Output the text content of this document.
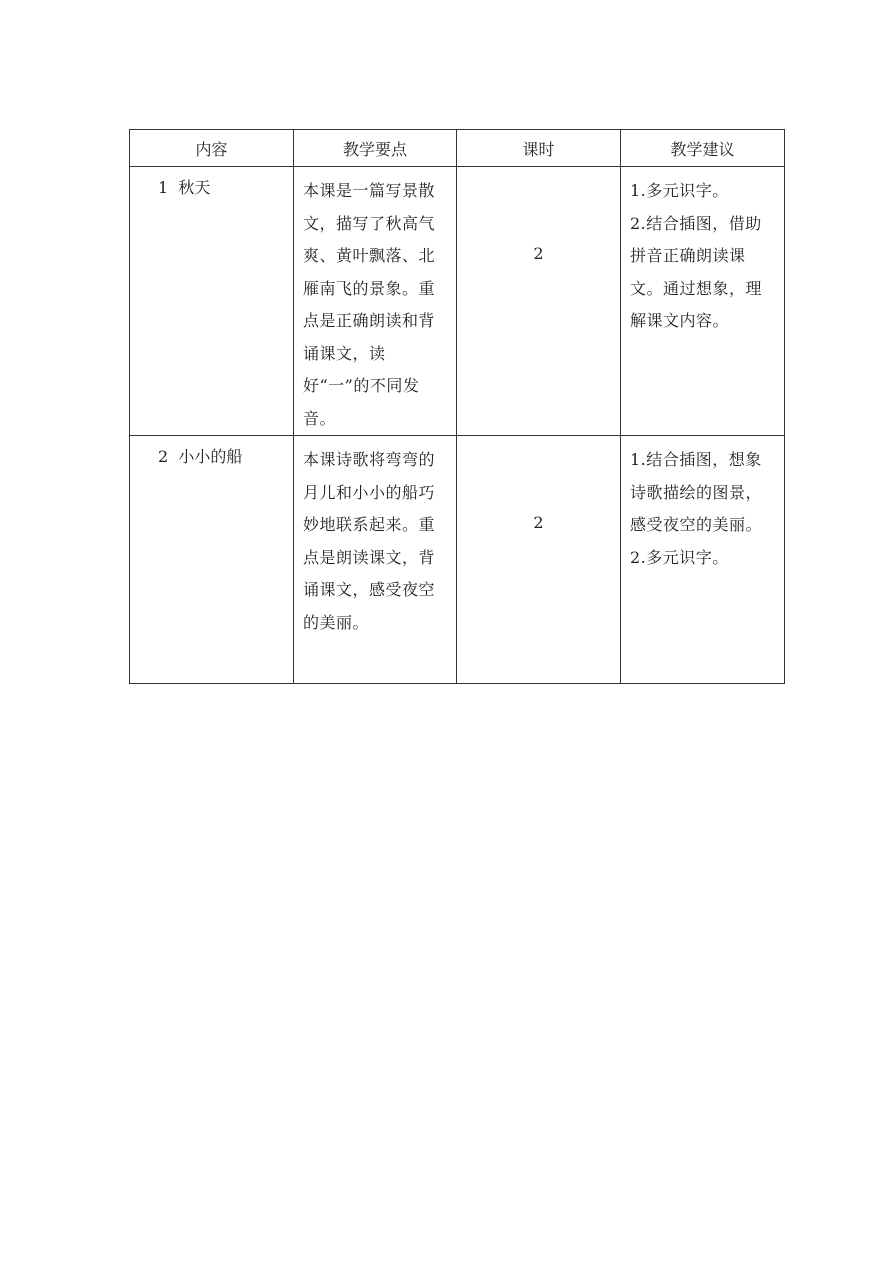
内容	教学要点	课时	教学建议

1  秋天	本课是一篇写景散文，描写了秋高气爽、黄叶飘落、北雁南飞的景象。重点是正确朗读和背诵课文，读好“一”的不同发音。	2	1.多元识字。
2.结合插图，借助拼音正确朗读课文。通过想象，理解课文内容。

2  小小的船	本课诗歌将弯弯的月儿和小小的船巧妙地联系起来。重点是朗读课文，背诵课文，感受夜空的美丽。	2	1.结合插图，想象诗歌描绘的图景，感受夜空的美丽。
2.多元识字。
